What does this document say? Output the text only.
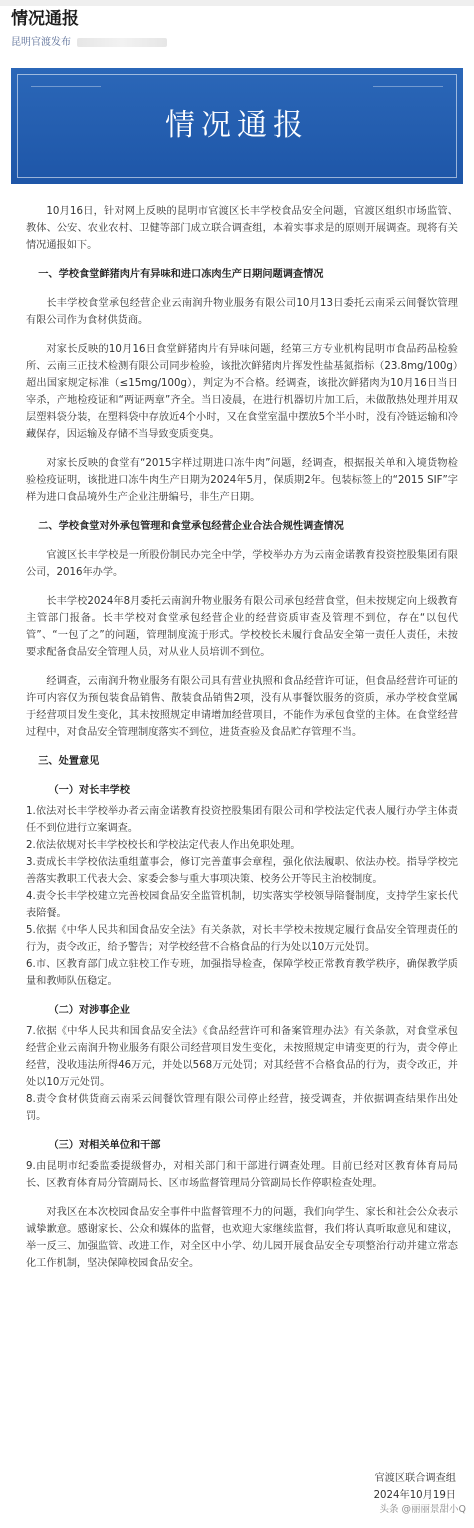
情况通报
昆明官渡发布
情况通报

10月16日，针对网上反映的昆明市官渡区长丰学校食品安全问题，官渡区组织市场监管、教体、公安、农业农村、卫健等部门成立联合调查组，本着实事求是的原则开展调查。现将有关情况通报如下。

一、学校食堂鲜猪肉片有异味和进口冻肉生产日期问题调查情况

长丰学校食堂承包经营企业云南润升物业服务有限公司10月13日委托云南采云间餐饮管理有限公司作为食材供货商。

对家长反映的10月16日食堂鲜猪肉片有异味问题，经第三方专业机构昆明市食品药品检验所、云南三正技术检测有限公司同步检验，该批次鲜猪肉片挥发性盐基氮指标（23.8mg/100g）超出国家规定标准（≤15mg/100g），判定为不合格。经调查，该批次鲜猪肉为10月16日当日宰杀，产地检疫证和“两证两章”齐全。当日凌晨，在进行机器切片加工后，未做散热处理并用双层塑料袋分装，在塑料袋中存放近4个小时，又在食堂室温中摆放5个半小时，没有冷链运输和冷藏保存，因运输及存储不当导致变质变臭。

对家长反映的食堂有“2015字样过期进口冻牛肉”问题，经调查，根据报关单和入境货物检验检疫证明，该批进口冻牛肉生产日期为2024年5月，保质期2年。包装标签上的“2015 SIF”字样为进口食品境外生产企业注册编号，非生产日期。

二、学校食堂对外承包管理和食堂承包经营企业合法合规性调查情况

官渡区长丰学校是一所股份制民办完全中学，学校举办方为云南金诺教育投资控股集团有限公司，2016年办学。

长丰学校2024年8月委托云南润升物业服务有限公司承包经营食堂，但未按规定向上级教育主管部门报备。长丰学校对食堂承包经营企业的经营资质审查及管理不到位，存在“以包代管”、“一包了之”的问题，管理制度流于形式。学校校长未履行食品安全第一责任人责任，未按要求配备食品安全管理人员，对从业人员培训不到位。

经调查，云南润升物业服务有限公司具有营业执照和食品经营许可证，但食品经营许可证的许可内容仅为预包装食品销售、散装食品销售2项，没有从事餐饮服务的资质，承办学校食堂属于经营项目发生变化，其未按照规定申请增加经营项目，不能作为承包食堂的主体。在食堂经营过程中，对食品安全管理制度落实不到位，进货查验及食品贮存管理不当。

三、处置意见
（一）对长丰学校

1.依法对长丰学校举办者云南金诺教育投资控股集团有限公司和学校法定代表人履行办学主体责任不到位进行立案调查。

2.依法依规对长丰学校校长和学校法定代表人作出免职处理。

3.责成长丰学校依法重组董事会，修订完善董事会章程，强化依法履职、依法办校。指导学校完善落实教职工代表大会、家委会参与重大事项决策、校务公开等民主治校制度。

4.责令长丰学校建立完善校园食品安全监管机制，切实落实学校领导陪餐制度，支持学生家长代表陪餐。

5.依据《中华人民共和国食品安全法》有关条款，对长丰学校未按规定履行食品安全管理责任的行为，责令改正，给予警告；对学校经营不合格食品的行为处以10万元处罚。

6.市、区教育部门成立驻校工作专班，加强指导检查，保障学校正常教育教学秩序，确保教学质量和教师队伍稳定。

（二）对涉事企业

7.依据《中华人民共和国食品安全法》《食品经营许可和备案管理办法》有关条款，对食堂承包经营企业云南润升物业服务有限公司经营项目发生变化，未按照规定申请变更的行为，责令停止经营，没收违法所得46万元，并处以568万元处罚；对其经营不合格食品的行为，责令改正，并处以10万元处罚。

8.责令食材供货商云南采云间餐饮管理有限公司停止经营，接受调查，并依据调查结果作出处罚。

（三）对相关单位和干部

9.由昆明市纪委监委提级督办，对相关部门和干部进行调查处理。目前已经对区教育体育局局长、区教育体育局分管副局长、区市场监督管理局分管副局长作停职检查处理。

对我区在本次校园食品安全事件中监督管理不力的问题，我们向学生、家长和社会公众表示诚挚歉意。感谢家长、公众和媒体的监督，也欢迎大家继续监督，我们将认真听取意见和建议，举一反三、加强监管、改进工作，对全区中小学、幼儿园开展食品安全专项整治行动并建立常态化工作机制，坚决保障校园食品安全。

官渡区联合调查组
2024年10月19日
头条 @丽丽景甜小Q
